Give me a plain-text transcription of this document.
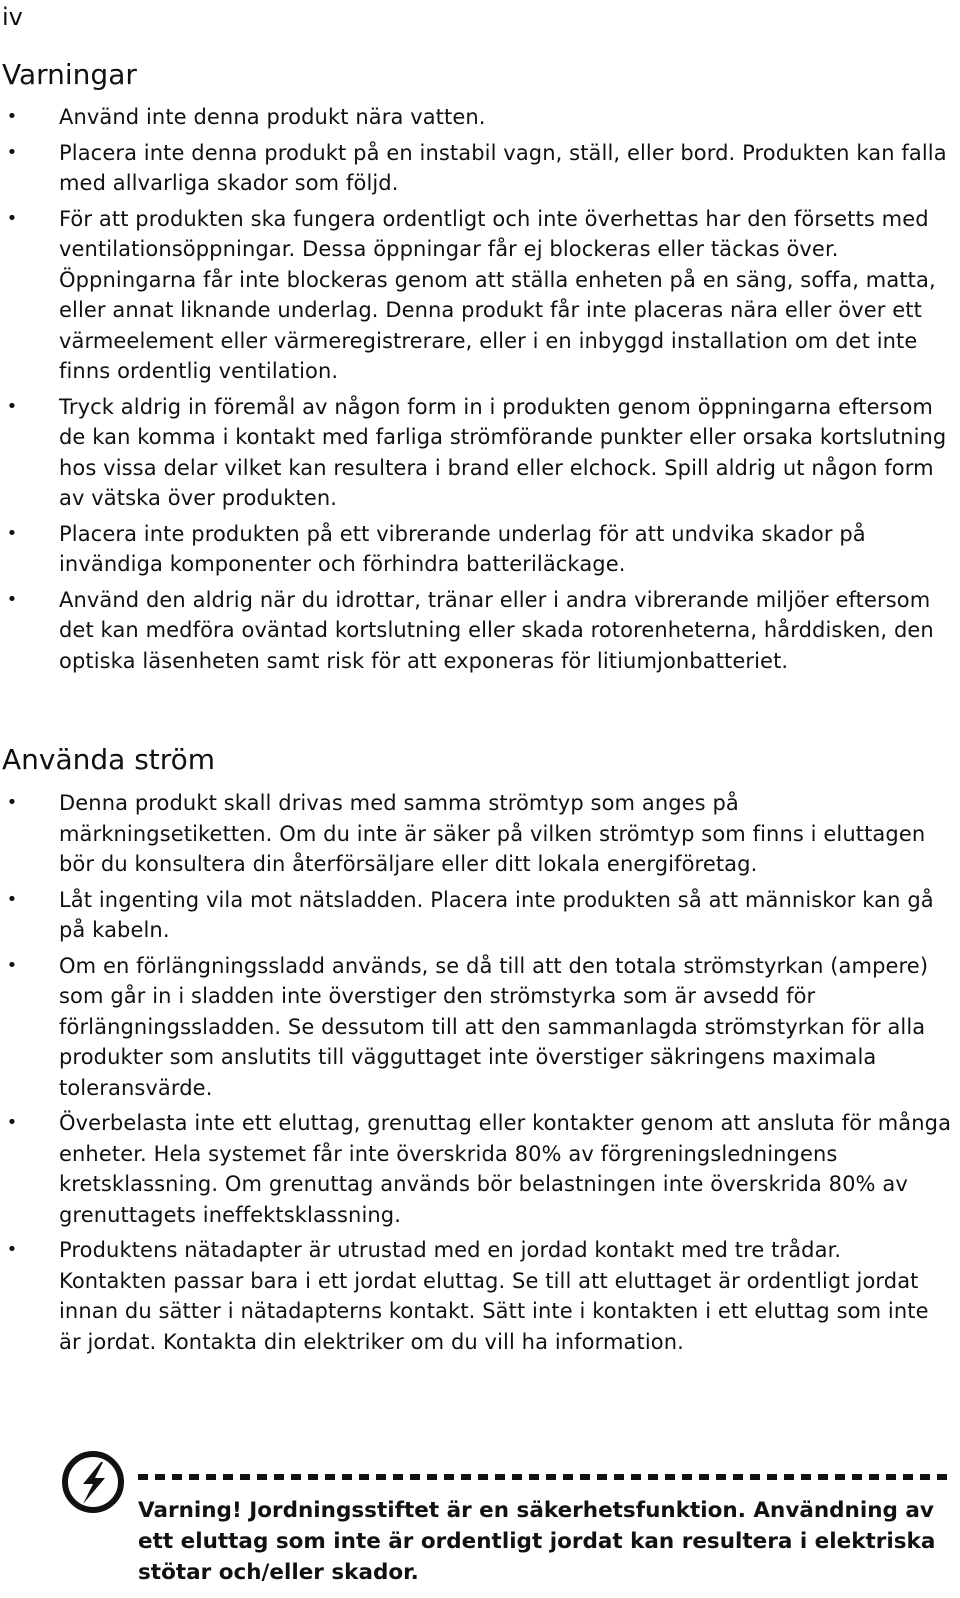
iv
Varningar
• Använd inte denna produkt nära vatten.
• Placera inte denna produkt på en instabil vagn, ställ, eller bord. Produkten kan falla med allvarliga skador som följd.
• För att produkten ska fungera ordentligt och inte överhettas har den försetts med ventilationsöppningar. Dessa öppningar får ej blockeras eller täckas över. Öppningarna får inte blockeras genom att ställa enheten på en säng, soffa, matta, eller annat liknande underlag. Denna produkt får inte placeras nära eller över ett värmeelement eller värmeregistrerare, eller i en inbyggd installation om det inte finns ordentlig ventilation.
• Tryck aldrig in föremål av någon form in i produkten genom öppningarna eftersom de kan komma i kontakt med farliga strömförande punkter eller orsaka kortslutning hos vissa delar vilket kan resultera i brand eller elchock. Spill aldrig ut någon form av vätska över produkten.
• Placera inte produkten på ett vibrerande underlag för att undvika skador på invändiga komponenter och förhindra batteriläckage.
• Använd den aldrig när du idrottar, tränar eller i andra vibrerande miljöer eftersom det kan medföra oväntad kortslutning eller skada rotorenheterna, hårddisken, den optiska läsenheten samt risk för att exponeras för litiumjonbatteriet.
Använda ström
• Denna produkt skall drivas med samma strömtyp som anges på märkningsetiketten. Om du inte är säker på vilken strömtyp som finns i eluttagen bör du konsultera din återförsäljare eller ditt lokala energiföretag.
• Låt ingenting vila mot nätsladden. Placera inte produkten så att människor kan gå på kabeln.
• Om en förlängningssladd används, se då till att den totala strömstyrkan (ampere) som går in i sladden inte överstiger den strömstyrka som är avsedd för förlängningssladden. Se dessutom till att den sammanlagda strömstyrkan för alla produkter som anslutits till vägguttaget inte överstiger säkringens maximala toleransvärde.
• Överbelasta inte ett eluttag, grenuttag eller kontakter genom att ansluta för många enheter. Hela systemet får inte överskrida 80% av förgreningsledningens kretsklassning. Om grenuttag används bör belastningen inte överskrida 80% av grenuttagets ineffektsklassning.
• Produktens nätadapter är utrustad med en jordad kontakt med tre trådar. Kontakten passar bara i ett jordat eluttag. Se till att eluttaget är ordentligt jordat innan du sätter i nätadapterns kontakt. Sätt inte i kontakten i ett eluttag som inte är jordat. Kontakta din elektriker om du vill ha information.
Varning! Jordningsstiftet är en säkerhetsfunktion. Användning av ett eluttag som inte är ordentligt jordat kan resultera i elektriska stötar och/eller skador.
